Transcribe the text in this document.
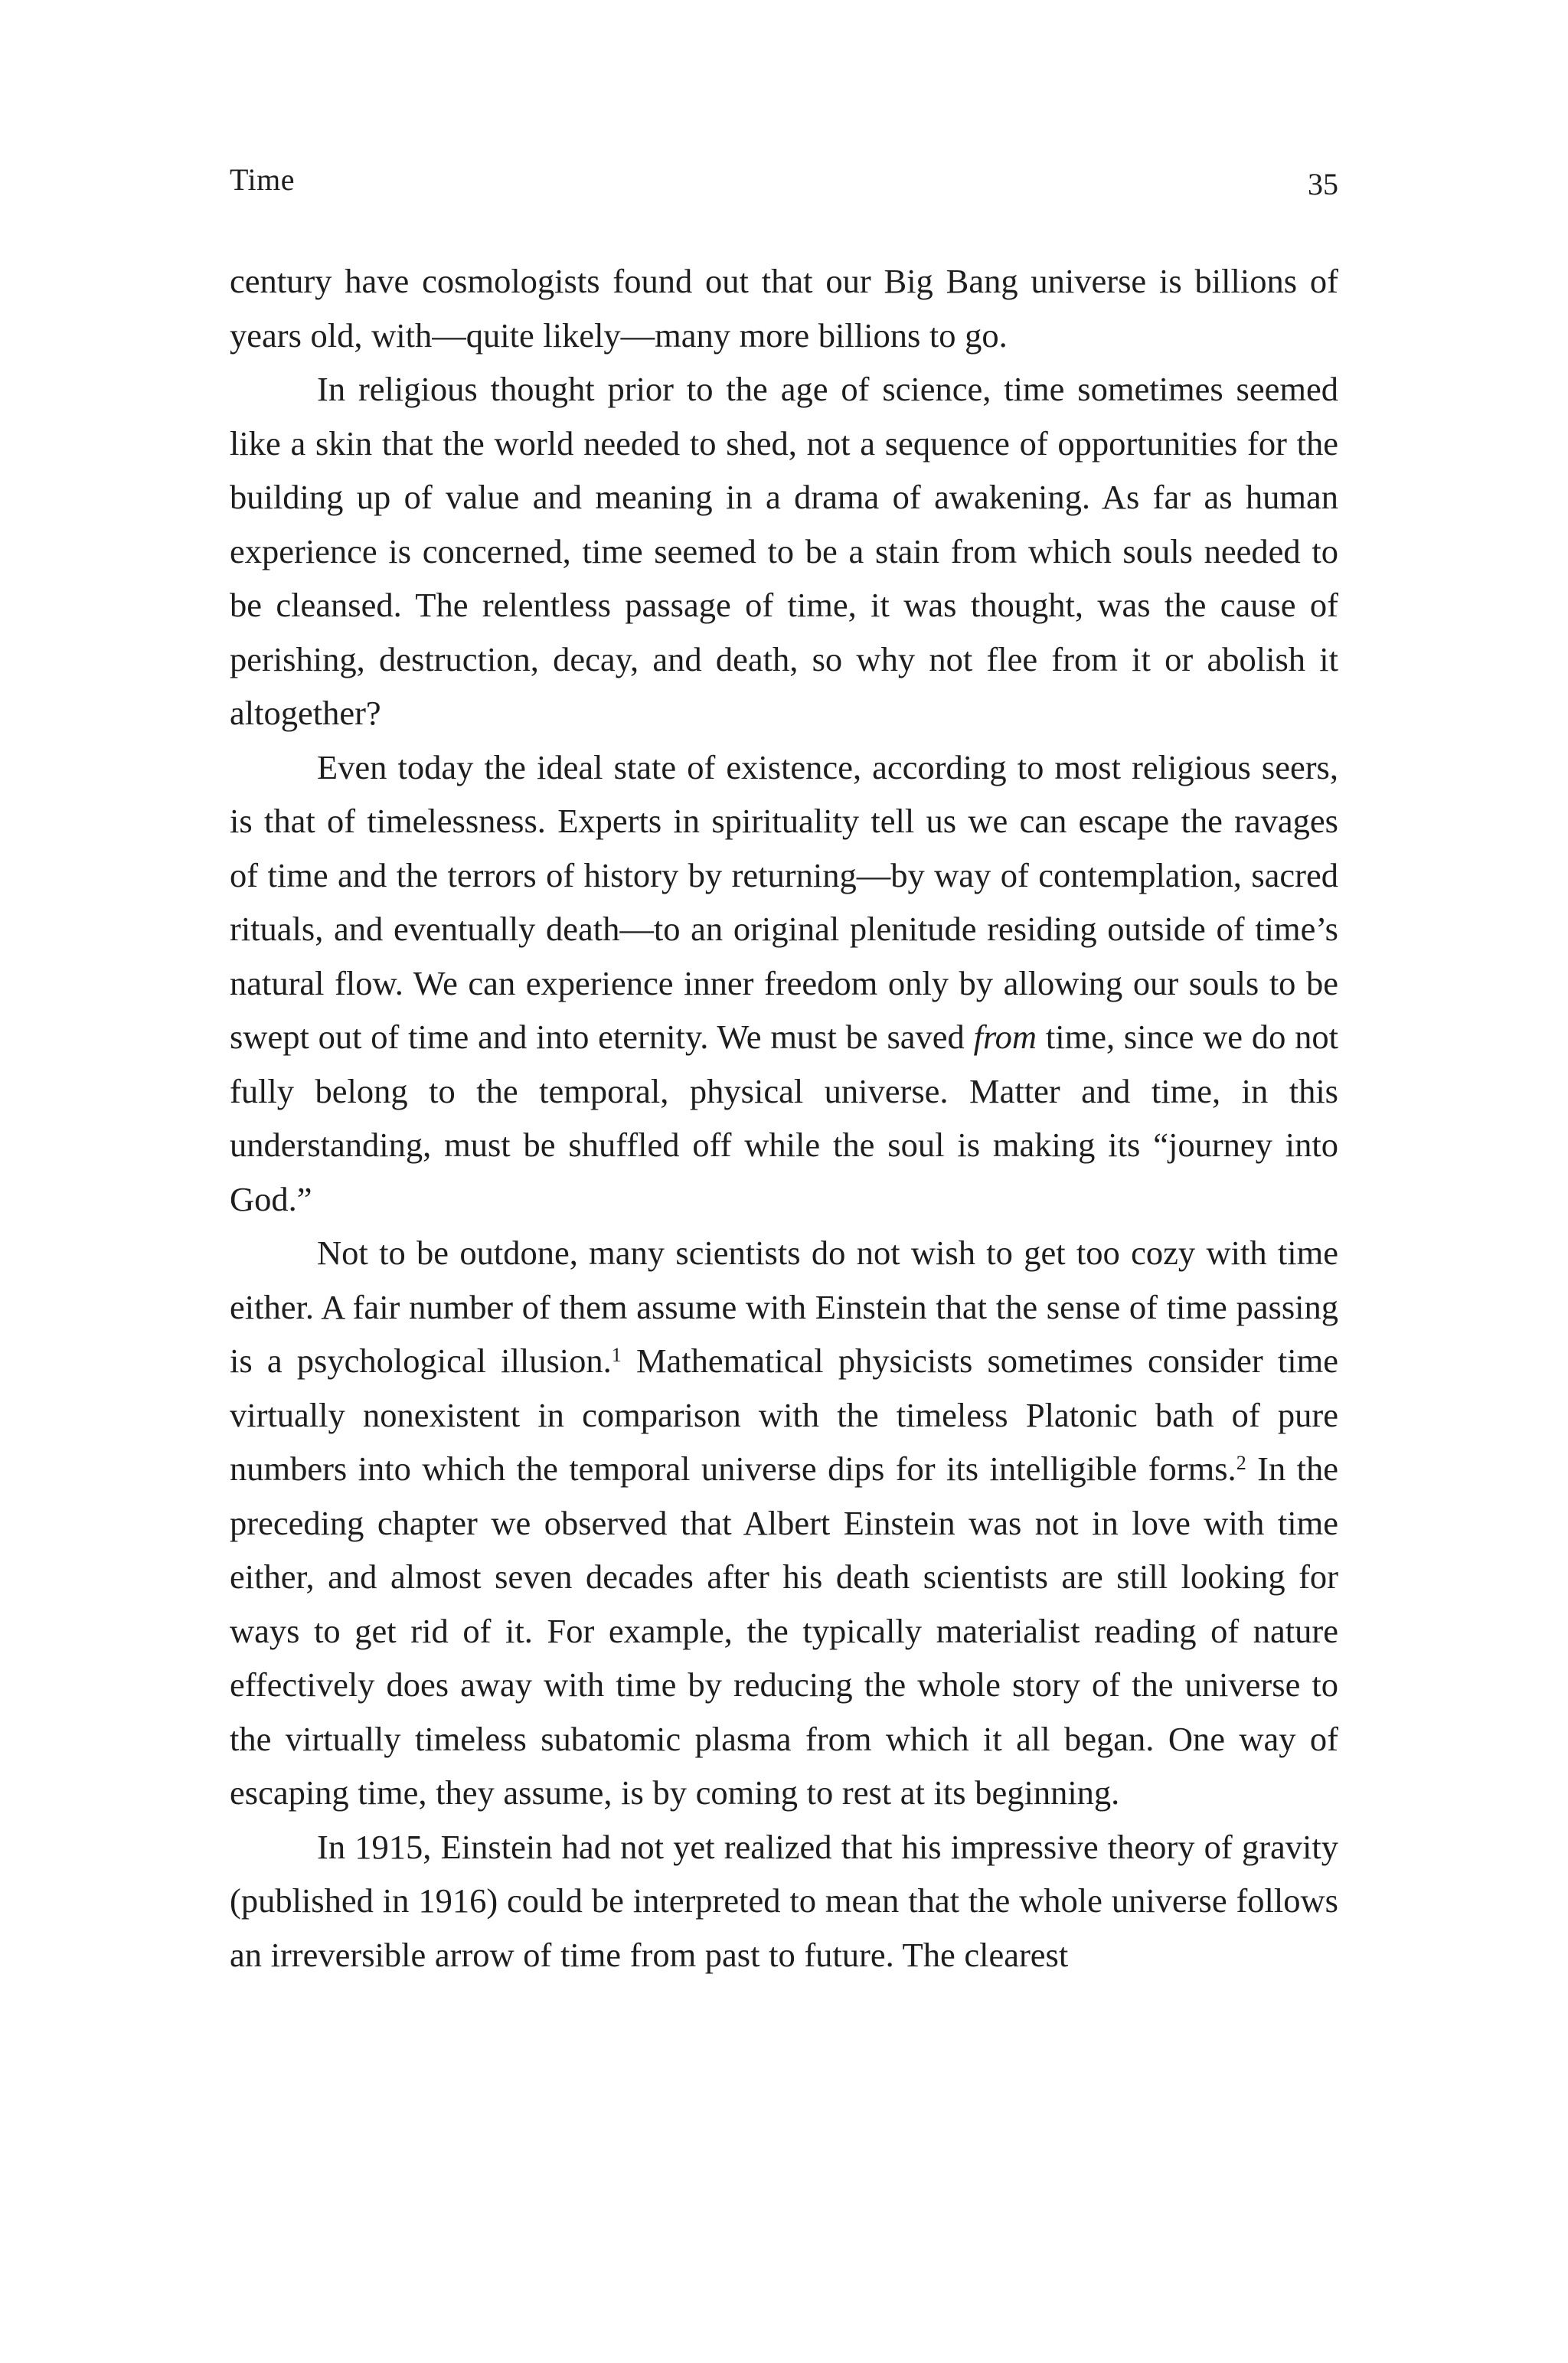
Time	35

century have cosmologists found out that our Big Bang universe is billions of years old, with—quite likely—many more billions to go.

In religious thought prior to the age of science, time sometimes seemed like a skin that the world needed to shed, not a sequence of opportunities for the building up of value and meaning in a drama of awakening. As far as human experience is concerned, time seemed to be a stain from which souls needed to be cleansed. The relentless passage of time, it was thought, was the cause of perishing, destruction, decay, and death, so why not flee from it or abolish it altogether?

Even today the ideal state of existence, according to most religious seers, is that of timelessness. Experts in spirituality tell us we can escape the ravages of time and the terrors of history by returning—by way of contemplation, sacred rituals, and eventually death—to an original plenitude residing outside of time’s natural flow. We can experience inner freedom only by allowing our souls to be swept out of time and into eternity. We must be saved from time, since we do not fully belong to the temporal, physical universe. Matter and time, in this understanding, must be shuffled off while the soul is making its “journey into God.”

Not to be outdone, many scientists do not wish to get too cozy with time either. A fair number of them assume with Einstein that the sense of time passing is a psychological illusion.$^1$ Mathematical physicists sometimes consider time virtually nonexistent in comparison with the timeless Platonic bath of pure numbers into which the temporal universe dips for its intelligible forms.$^2$ In the preceding chapter we observed that Albert Einstein was not in love with time either, and almost seven decades after his death scientists are still looking for ways to get rid of it. For example, the typically materialist reading of nature effectively does away with time by reducing the whole story of the universe to the virtually timeless subatomic plasma from which it all began. One way of escaping time, they assume, is by coming to rest at its beginning.

In 1915, Einstein had not yet realized that his impressive theory of gravity (published in 1916) could be interpreted to mean that the whole universe follows an irreversible arrow of time from past to future. The clearest
